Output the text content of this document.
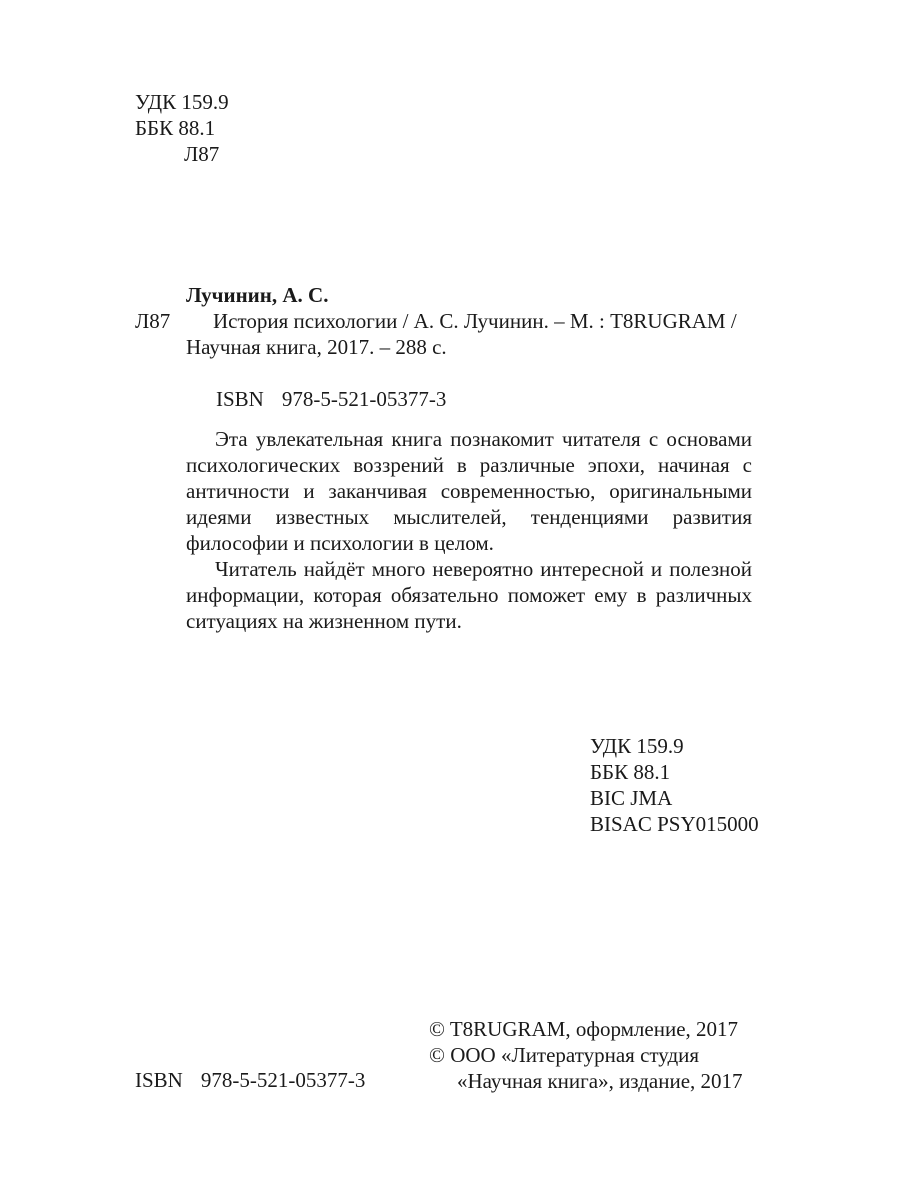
УДК 159.9
ББК 88.1
Л87
Лучинин, А. С.
Л87	История психологии / А. С. Лучинин. – М. : T8RUGRAM /
Научная книга, 2017. – 288 с.
ISBN 978-5-521-05377-3

Эта увлекательная книга познакомит читателя с основами психологических воззрений в различные эпохи, начиная с античности и заканчивая современностью, оригинальными идеями известных мыслителей, тенденциями развития философии и психологии в целом.

Читатель найдёт много невероятно интересной и полезной информации, которая обязательно поможет ему в различных ситуациях на жизненном пути.

УДК 159.9
ББК 88.1
BIC JMA
BISAC PSY015000
© T8RUGRAM, оформление, 2017
© ООО «Литературная студия
«Научная книга», издание, 2017
ISBN 978-5-521-05377-3
